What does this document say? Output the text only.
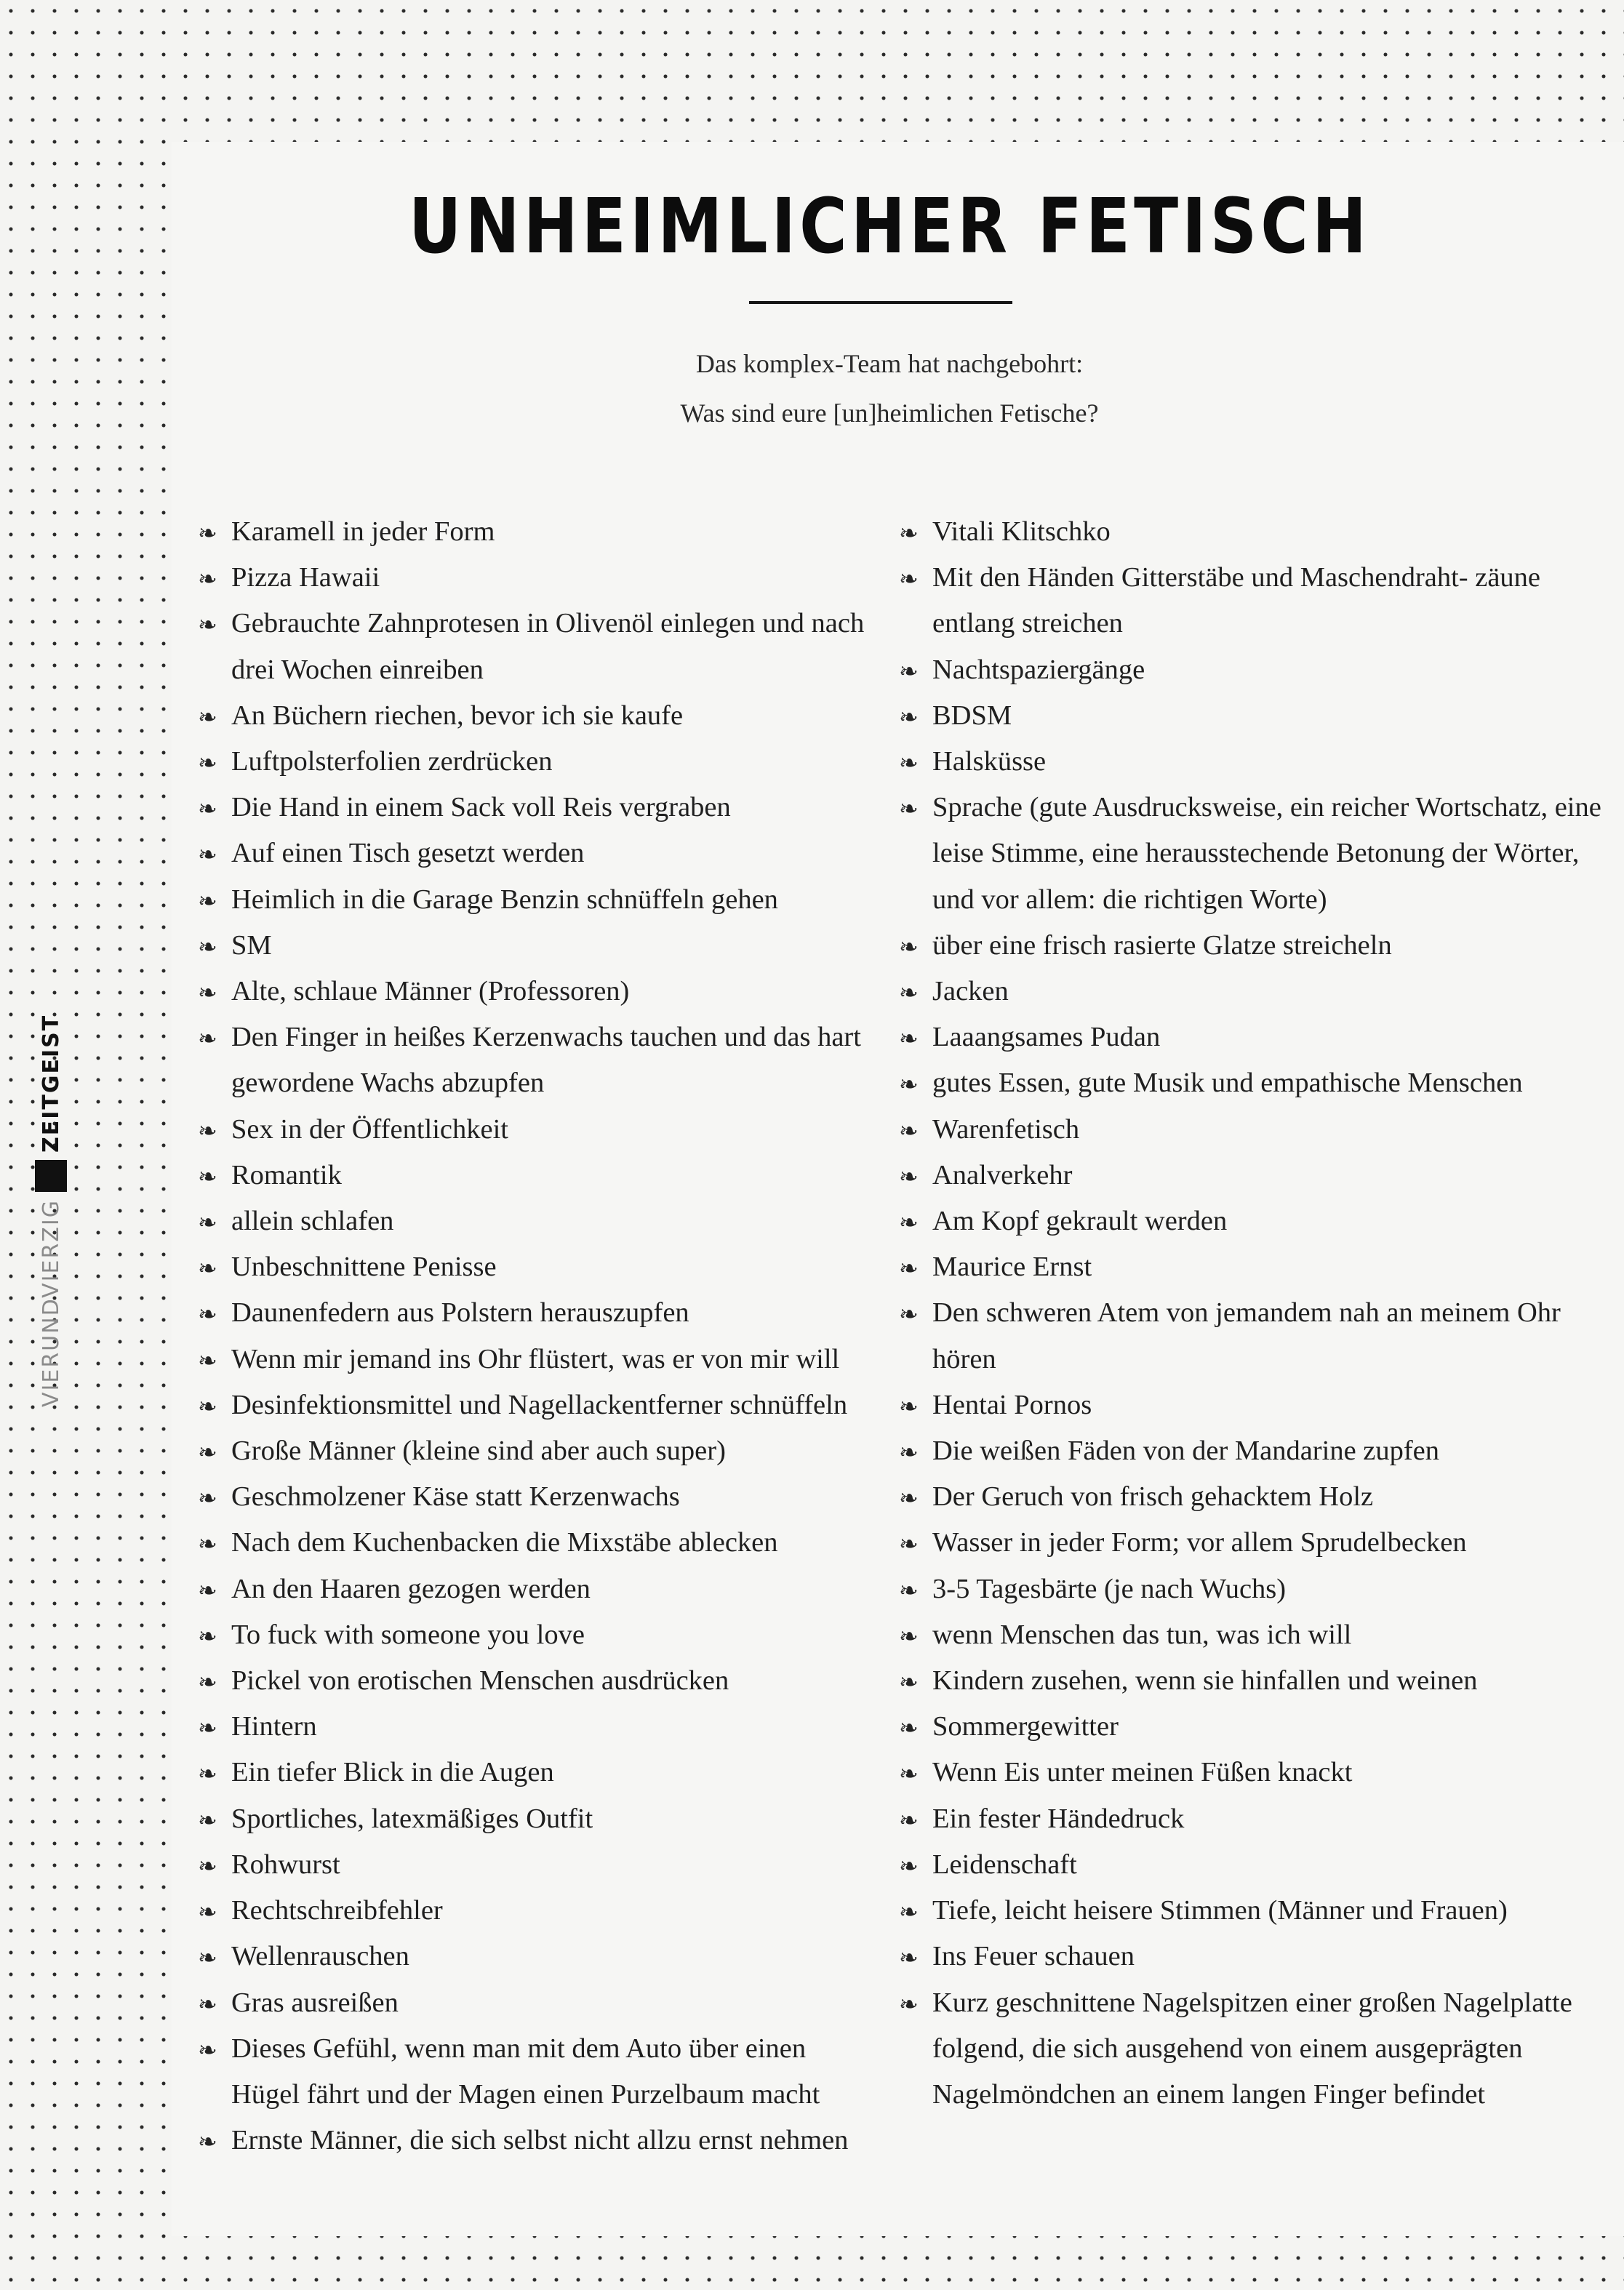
VIERUNDVIERZIG
ZEITGEIST
UNHEIMLICHER FETISCH
Das komplex-Team hat nachgebohrt:
Was sind eure [un]heimlichen Fetische?
❧ Karamell in jeder Form
❧ Pizza Hawaii
❧ Gebrauchte Zahnprotesen in Olivenöl einlegen und nach drei Wochen einreiben
❧ An Büchern riechen, bevor ich sie kaufe
❧ Luftpolsterfolien zerdrücken
❧ Die Hand in einem Sack voll Reis vergraben
❧ Auf einen Tisch gesetzt werden
❧ Heimlich in die Garage Benzin schnüffeln gehen
❧ SM
❧ Alte, schlaue Männer (Professoren)
❧ Den Finger in heißes Kerzenwachs tauchen und das hart gewordene Wachs abzupfen
❧ Sex in der Öffentlichkeit
❧ Romantik
❧ allein schlafen
❧ Unbeschnittene Penisse
❧ Daunenfedern aus Polstern herauszupfen
❧ Wenn mir jemand ins Ohr flüstert, was er von mir will
❧ Desinfektionsmittel und Nagellackentferner schnüffeln
❧ Große Männer (kleine sind aber auch super)
❧ Geschmolzener Käse statt Kerzenwachs
❧ Nach dem Kuchenbacken die Mixstäbe ablecken
❧ An den Haaren gezogen werden
❧ To fuck with someone you love
❧ Pickel von erotischen Menschen ausdrücken
❧ Hintern
❧ Ein tiefer Blick in die Augen
❧ Sportliches, latexmäßiges Outfit
❧ Rohwurst
❧ Rechtschreibfehler
❧ Wellenrauschen
❧ Gras ausreißen
❧ Dieses Gefühl, wenn man mit dem Auto über einen Hügel fährt und der Magen einen Purzelbaum macht
❧ Ernste Männer, die sich selbst nicht allzu ernst nehmen
❧ Vitali Klitschko
❧ Mit den Händen Gitterstäbe und Maschendraht- zäune entlang streichen
❧ Nachtspaziergänge
❧ BDSM
❧ Halsküsse
❧ Sprache (gute Ausdrucksweise, ein reicher Wortschatz, eine leise Stimme, eine herausstechende Betonung der Wörter, und vor allem: die richtigen Worte)
❧ über eine frisch rasierte Glatze streicheln
❧ Jacken
❧ Laaangsames Pudan
❧ gutes Essen, gute Musik und empathische Menschen
❧ Warenfetisch
❧ Analverkehr
❧ Am Kopf gekrault werden
❧ Maurice Ernst
❧ Den schweren Atem von jemandem nah an meinem Ohr hören
❧ Hentai Pornos
❧ Die weißen Fäden von der Mandarine zupfen
❧ Der Geruch von frisch gehacktem Holz
❧ Wasser in jeder Form; vor allem Sprudelbecken
❧ 3-5 Tagesbärte (je nach Wuchs)
❧ wenn Menschen das tun, was ich will
❧ Kindern zusehen, wenn sie hinfallen und weinen
❧ Sommergewitter
❧ Wenn Eis unter meinen Füßen knackt
❧ Ein fester Händedruck
❧ Leidenschaft
❧ Tiefe, leicht heisere Stimmen (Männer und Frauen)
❧ Ins Feuer schauen
❧ Kurz geschnittene Nagelspitzen einer großen Nagelplatte folgend, die sich ausgehend von einem ausgeprägten Nagelmöndchen an einem langen Finger befindet
